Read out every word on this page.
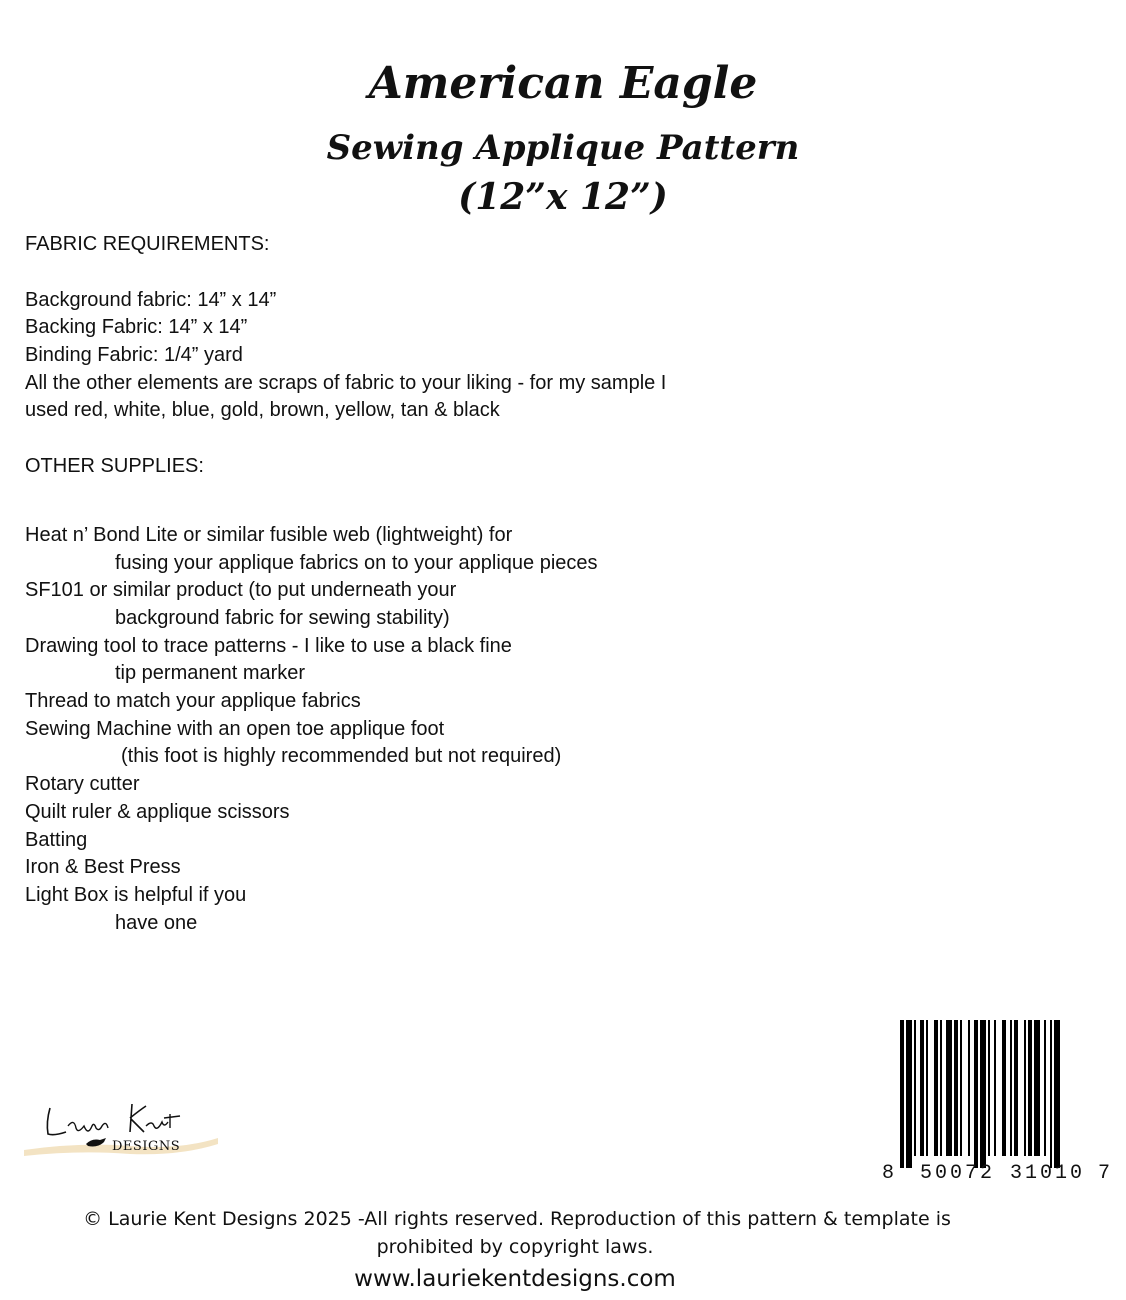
American Eagle
Sewing Applique Pattern
(12”x 12”)

FABRIC REQUIREMENTS:

Background fabric: 14” x 14”

Backing Fabric: 14” x 14”

Binding Fabric: 1/4” yard

All the other elements are scraps of fabric to your liking - for my sample I

used red, white, blue, gold, brown, yellow, tan & black

OTHER SUPPLIES:

Heat n’ Bond Lite or similar fusible web (lightweight) for

fusing your applique fabrics on to your applique pieces

SF101 or similar product (to put underneath your

background fabric for sewing stability)

Drawing tool to trace patterns - I like to use a black fine

tip permanent marker

Thread to match your applique fabrics

Sewing Machine with an open toe applique foot

(this foot is highly recommended but not required)

Rotary cutter

Quilt ruler & applique scissors

Batting

Iron & Best Press

Light Box is helpful if you

have one

DESIGNS
8 50072 31010 7

© Laurie Kent Designs 2025 -All rights reserved. Reproduction of this pattern & template is

prohibited by copyright laws.

www.lauriekentdesigns.com
